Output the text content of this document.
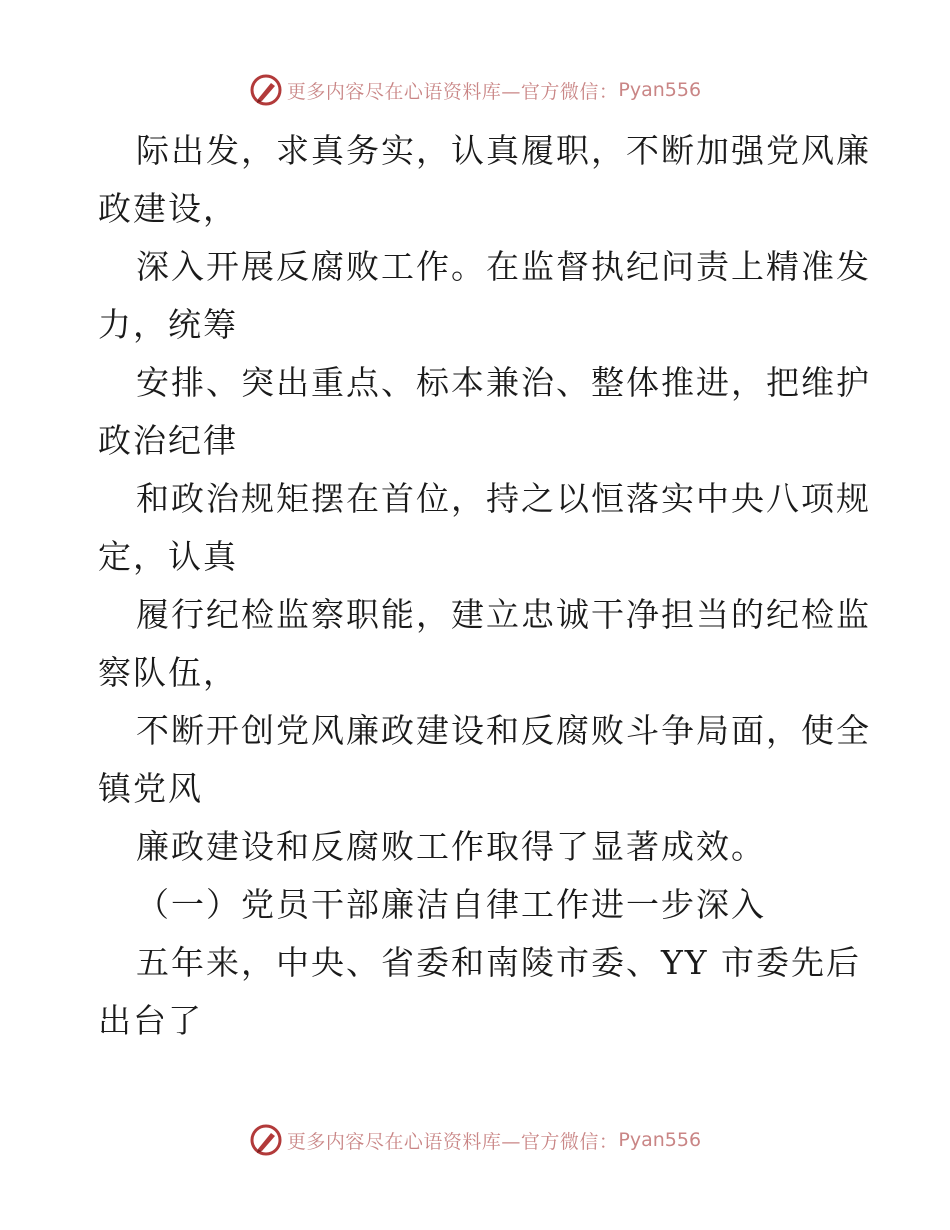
更多内容尽在心语资料库—官方微信： Pyan556
际出发，求真务实，认真履职，不断加强党风廉
政建设，
深入开展反腐败工作。在监督执纪问责上精准发
力，统筹
安排、突出重点、标本兼治、整体推进，把维护
政治纪律
和政治规矩摆在首位，持之以恒落实中央八项规
定，认真
履行纪检监察职能，建立忠诚干净担当的纪检监
察队伍，
不断开创党风廉政建设和反腐败斗争局面，使全
镇党风
廉政建设和反腐败工作取得了显著成效。
（一）党员干部廉洁自律工作进一步深入
五年来，中央、省委和南陵市委、YY 市委先后
出台了
更多内容尽在心语资料库—官方微信： Pyan556
